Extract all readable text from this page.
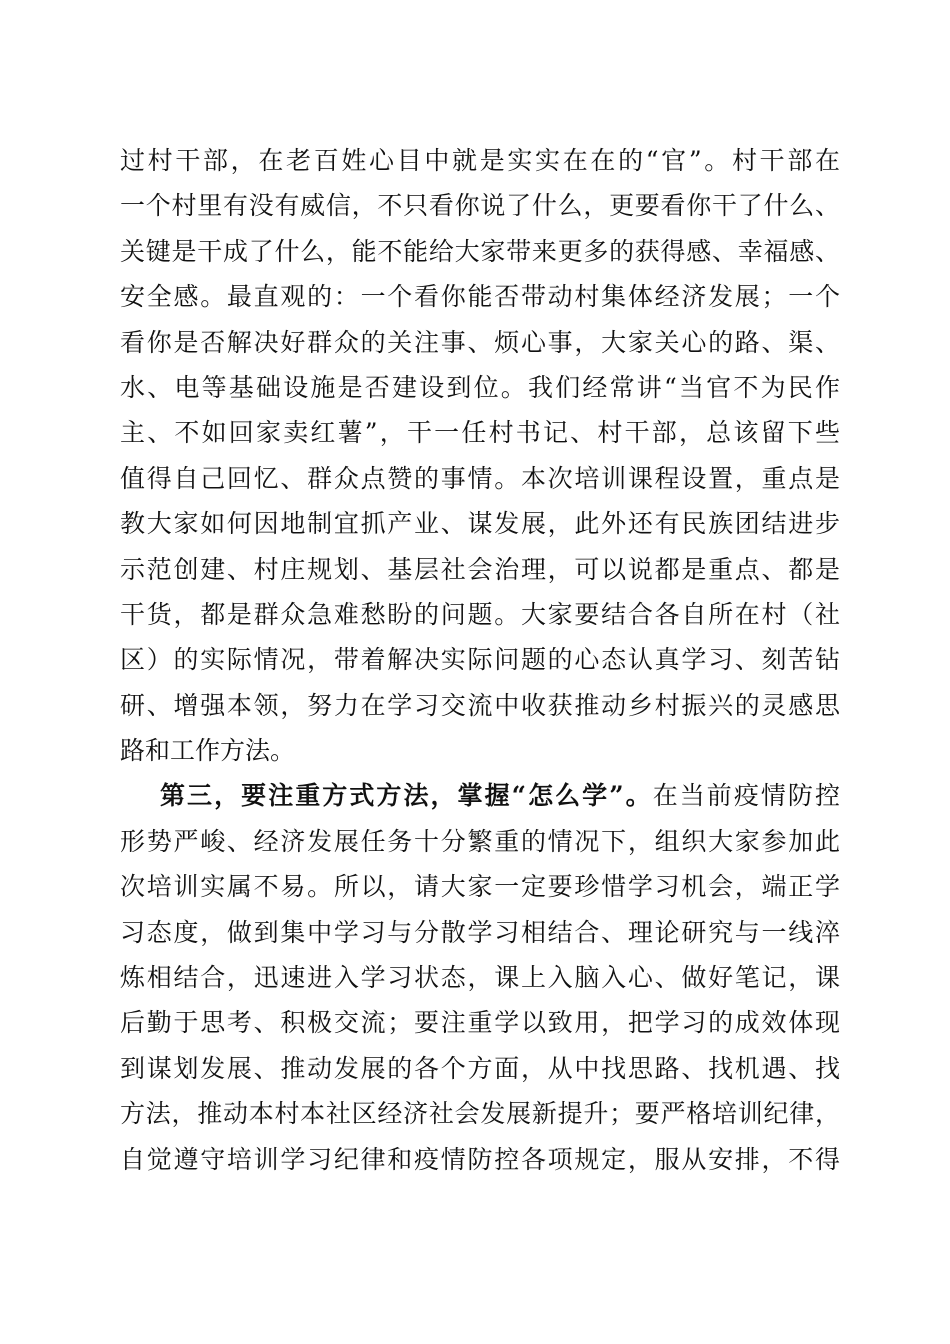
过村干部，在老百姓心目中就是实实在在的“官”。村干部在
一个村里有没有威信，不只看你说了什么，更要看你干了什么、
关键是干成了什么，能不能给大家带来更多的获得感、幸福感、
安全感。最直观的：一个看你能否带动村集体经济发展；一个
看你是否解决好群众的关注事、烦心事，大家关心的路、渠、
水、电等基础设施是否建设到位。我们经常讲“当官不为民作
主、不如回家卖红薯”，干一任村书记、村干部，总该留下些
值得自己回忆、群众点赞的事情。本次培训课程设置，重点是
教大家如何因地制宜抓产业、谋发展，此外还有民族团结进步
示范创建、村庄规划、基层社会治理，可以说都是重点、都是
干货，都是群众急难愁盼的问题。大家要结合各自所在村（社
区）的实际情况，带着解决实际问题的心态认真学习、刻苦钻
研、增强本领，努力在学习交流中收获推动乡村振兴的灵感思
路和工作方法。
第三，要注重方式方法，掌握“怎么学”。在当前疫情防控
形势严峻、经济发展任务十分繁重的情况下，组织大家参加此
次培训实属不易。所以，请大家一定要珍惜学习机会，端正学
习态度，做到集中学习与分散学习相结合、理论研究与一线淬
炼相结合，迅速进入学习状态，课上入脑入心、做好笔记，课
后勤于思考、积极交流；要注重学以致用，把学习的成效体现
到谋划发展、推动发展的各个方面，从中找思路、找机遇、找
方法，推动本村本社区经济社会发展新提升；要严格培训纪律，
自觉遵守培训学习纪律和疫情防控各项规定，服从安排，不得
